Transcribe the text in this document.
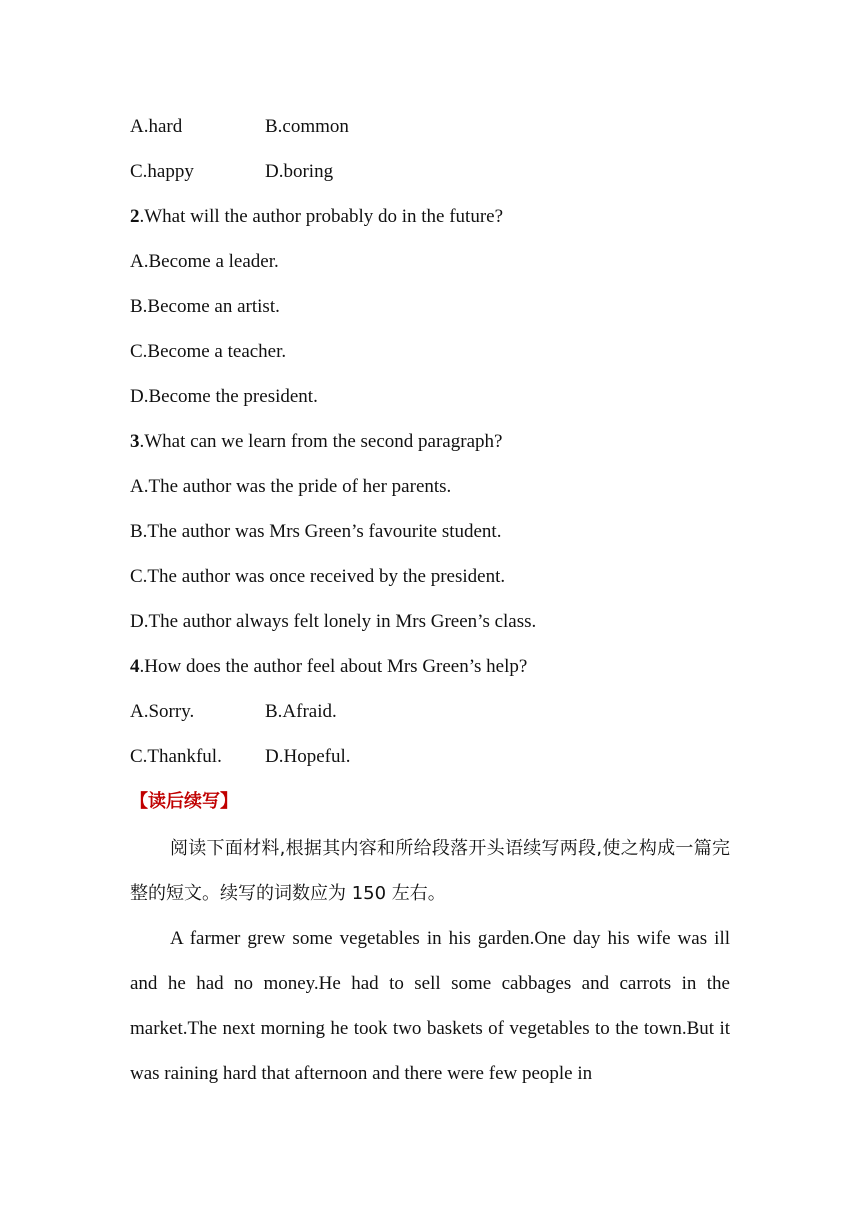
A.hard	B.common
C.happy	D.boring
2.What will the author probably do in the future?
A.Become a leader.
B.Become an artist.
C.Become a teacher.
D.Become the president.
3.What can we learn from the second paragraph?
A.The author was the pride of her parents.
B.The author was Mrs Green’s favourite student.
C.The author was once received by the president.
D.The author always felt lonely in Mrs Green’s class.
4.How does the author feel about Mrs Green’s help?
A.Sorry.	B.Afraid.
C.Thankful. D.Hopeful.
【读后续写】
阅读下面材料,根据其内容和所给段落开头语续写两段,使之构成一篇完整的短文。续写的词数应为 150 左右。
A farmer grew some vegetables in his garden.One day his wife was ill and he had no money.He had to sell some cabbages and carrots in the market.The next morning he took two baskets of vegetables to the town.But it was raining hard that afternoon and there were few people in
